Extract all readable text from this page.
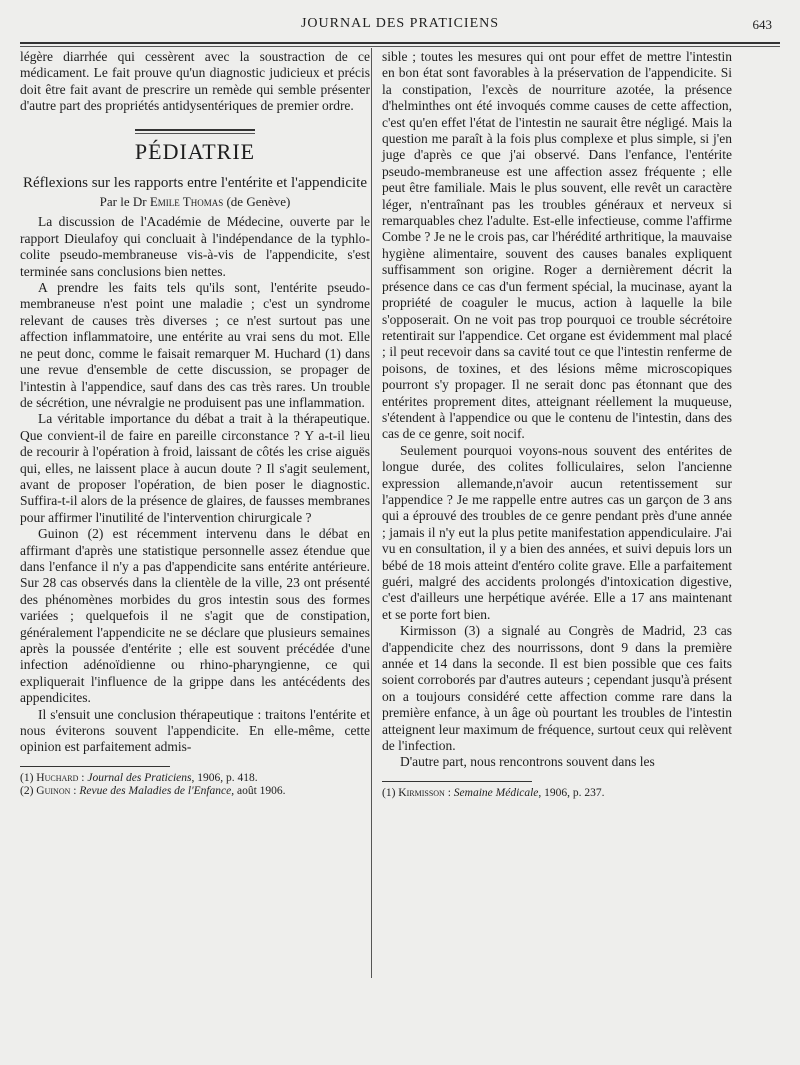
JOURNAL DES PRATICIENS	643

légère diarrhée qui cessèrent avec la soustraction de ce médicament. Le fait prouve qu'un diagnostic judicieux et précis doit être fait avant de prescrire un remède qui semble présenter d'autre part des propriétés antidysentériques de premier ordre.

PÉDIATRIE
Réflexions sur les rapports entre l'entérite et l'appendicite
Par le Dr Emile Thomas (de Genève)

La discussion de l'Académie de Médecine, ouverte par le rapport Dieulafoy qui concluait à l'indépendance de la typhlo-colite pseudo-membraneuse vis-à-vis de l'appendicite, s'est terminée sans conclusions bien nettes.

A prendre les faits tels qu'ils sont, l'entérite pseudo-membraneuse n'est point une maladie ; c'est un syndrome relevant de causes très diverses ; ce n'est surtout pas une affection inflammatoire, une entérite au vrai sens du mot. Elle ne peut donc, comme le faisait remarquer M. Huchard (1) dans une revue d'ensemble de cette discussion, se propager de l'intestin à l'appendice, sauf dans des cas très rares. Un trouble de sécrétion, une névralgie ne produisent pas une inflammation.

La véritable importance du débat a trait à la thérapeutique. Que convient-il de faire en pareille circonstance ? Y a-t-il lieu de recourir à l'opération à froid, laissant de côtés les crise aiguës qui, elles, ne laissent place à aucun doute ? Il s'agit seulement, avant de proposer l'opération, de bien poser le diagnostic. Suffira-t-il alors de la présence de glaires, de fausses membranes pour affirmer l'inutilité de l'intervention chirurgicale ?

Guinon (2) est récemment intervenu dans le débat en affirmant d'après une statistique personnelle assez étendue que dans l'enfance il n'y a pas d'appendicite sans entérite antérieure. Sur 28 cas observés dans la clientèle de la ville, 23 ont présenté des phénomènes morbides du gros intestin sous des formes variées ; quelquefois il ne s'agit que de constipation, généralement l'appendicite ne se déclare que plusieurs semaines après la poussée d'entérite ; elle est souvent précédée d'une infection adénoïdienne ou rhino-pharyngienne, ce qui expliquerait l'influence de la grippe dans les antécédents des appendicites.

Il s'ensuit une conclusion thérapeutique : traitons l'entérite et nous éviterons souvent l'appendicite. En elle-même, cette opinion est parfaitement admis-

(1) Huchard : Journal des Praticiens, 1906, p. 418.

(2) Guinon : Revue des Maladies de l'Enfance, août 1906.

sible ; toutes les mesures qui ont pour effet de mettre l'intestin en bon état sont favorables à la préservation de l'appendicite. Si la constipation, l'excès de nourriture azotée, la présence d'helminthes ont été invoqués comme causes de cette affection, c'est qu'en effet l'état de l'intestin ne saurait être négligé. Mais la question me paraît à la fois plus complexe et plus simple, si j'en juge d'après ce que j'ai observé. Dans l'enfance, l'entérite pseudo-membraneuse est une affection assez fréquente ; elle peut être familiale. Mais le plus souvent, elle revêt un caractère léger, n'entraînant pas les troubles généraux et nerveux si remarquables chez l'adulte. Est-elle infectieuse, comme l'affirme Combe ? Je ne le crois pas, car l'hérédité arthritique, la mauvaise hygiène alimentaire, souvent des causes banales expliquent suffisamment son origine. Roger a dernièrement décrit la présence dans ce cas d'un ferment spécial, la mucinase, ayant la propriété de coaguler le mucus, action à laquelle la bile s'opposerait. On ne voit pas trop pourquoi ce trouble sécrétoire retentirait sur l'appendice. Cet organe est évidemment mal placé ; il peut recevoir dans sa cavité tout ce que l'intestin renferme de poisons, de toxines, et des lésions même microscopiques pourront s'y propager. Il ne serait donc pas étonnant que des entérites proprement dites, atteignant réellement la muqueuse, s'étendent à l'appendice ou que le contenu de l'intestin, dans des cas de ce genre, soit nocif.

Seulement pourquoi voyons-nous souvent des entérites de longue durée, des colites folliculaires, selon l'ancienne expression allemande,n'avoir aucun retentissement sur l'appendice ? Je me rappelle entre autres cas un garçon de 3 ans qui a éprouvé des troubles de ce genre pendant près d'une année ; jamais il n'y eut la plus petite manifestation appendiculaire. J'ai vu en consultation, il y a bien des années, et suivi depuis lors un bébé de 18 mois atteint d'entéro colite grave. Elle a parfaitement guéri, malgré des accidents prolongés d'intoxication digestive, c'est d'ailleurs une herpétique avérée. Elle a 17 ans maintenant et se porte fort bien.

Kirmisson (3) a signalé au Congrès de Madrid, 23 cas d'appendicite chez des nourrissons, dont 9 dans la première année et 14 dans la seconde. Il est bien possible que ces faits soient corroborés par d'autres auteurs ; cependant jusqu'à présent on a toujours considéré cette affection comme rare dans la première enfance, à un âge où pourtant les troubles de l'intestin atteignent leur maximum de fréquence, surtout ceux qui relèvent de l'infection.

D'autre part, nous rencontrons souvent dans les

(1) Kirmisson : Semaine Médicale, 1906, p. 237.
